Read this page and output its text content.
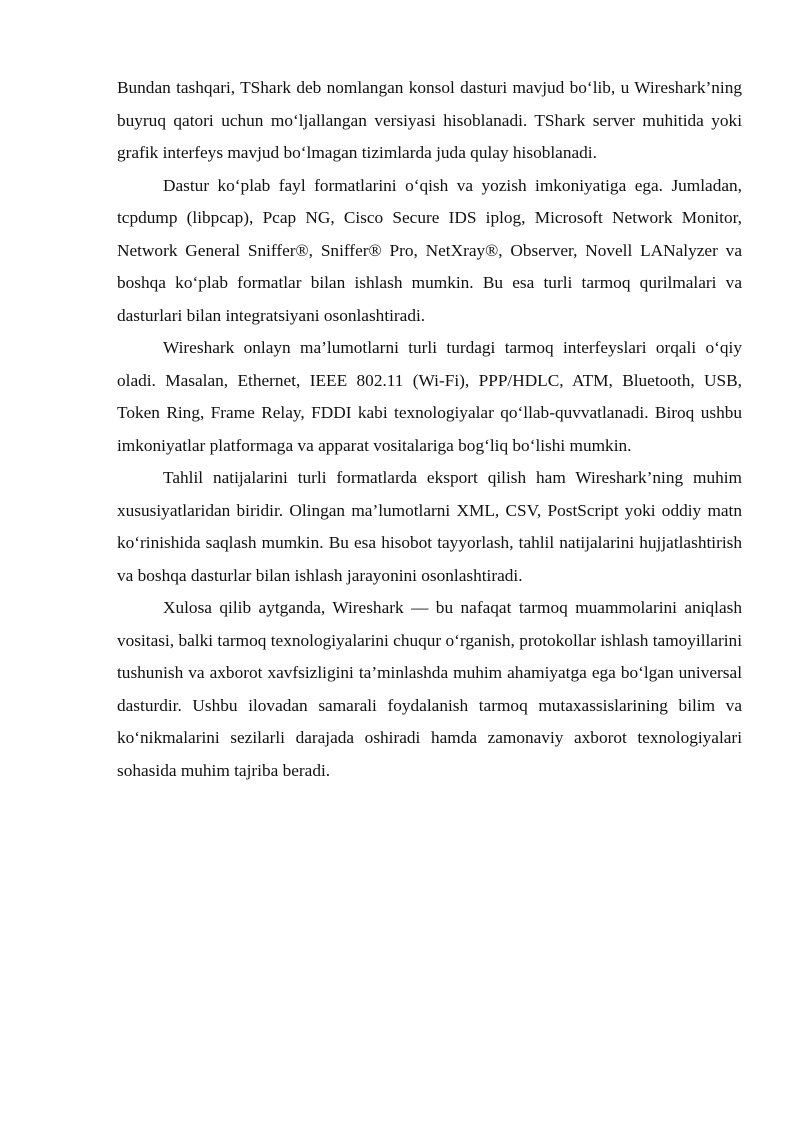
Bundan tashqari, TShark deb nomlangan konsol dasturi mavjud bo‘lib, u Wireshark’ning buyruq qatori uchun mo‘ljallangan versiyasi hisoblanadi. TShark server muhitida yoki grafik interfeys mavjud bo‘lmagan tizimlarda juda qulay hisoblanadi.

Dastur ko‘plab fayl formatlarini o‘qish va yozish imkoniyatiga ega. Jumladan, tcpdump (libpcap), Pcap NG, Cisco Secure IDS iplog, Microsoft Network Monitor, Network General Sniffer®, Sniffer® Pro, NetXray®, Observer, Novell LANalyzer va boshqa ko‘plab formatlar bilan ishlash mumkin. Bu esa turli tarmoq qurilmalari va dasturlari bilan integratsiyani osonlashtiradi.

Wireshark onlayn ma’lumotlarni turli turdagi tarmoq interfeyslari orqali o‘qiy oladi. Masalan, Ethernet, IEEE 802.11 (Wi-Fi), PPP/HDLC, ATM, Bluetooth, USB, Token Ring, Frame Relay, FDDI kabi texnologiyalar qo‘llab-quvvatlanadi. Biroq ushbu imkoniyatlar platformaga va apparat vositalariga bog‘liq bo‘lishi mumkin.

Tahlil natijalarini turli formatlarda eksport qilish ham Wireshark’ning muhim xususiyatlaridan biridir. Olingan ma’lumotlarni XML, CSV, PostScript yoki oddiy matn ko‘rinishida saqlash mumkin. Bu esa hisobot tayyorlash, tahlil natijalarini hujjatlashtirish va boshqa dasturlar bilan ishlash jarayonini osonlashtiradi.

Xulosa qilib aytganda, Wireshark — bu nafaqat tarmoq muammolarini aniqlash vositasi, balki tarmoq texnologiyalarini chuqur o‘rganish, protokollar ishlash tamoyillarini tushunish va axborot xavfsizligini ta’minlashda muhim ahamiyatga ega bo‘lgan universal dasturdir. Ushbu ilovadan samarali foydalanish tarmoq mutaxassislarining bilim va ko‘nikmalarini sezilarli darajada oshiradi hamda zamonaviy axborot texnologiyalari sohasida muhim tajriba beradi.
